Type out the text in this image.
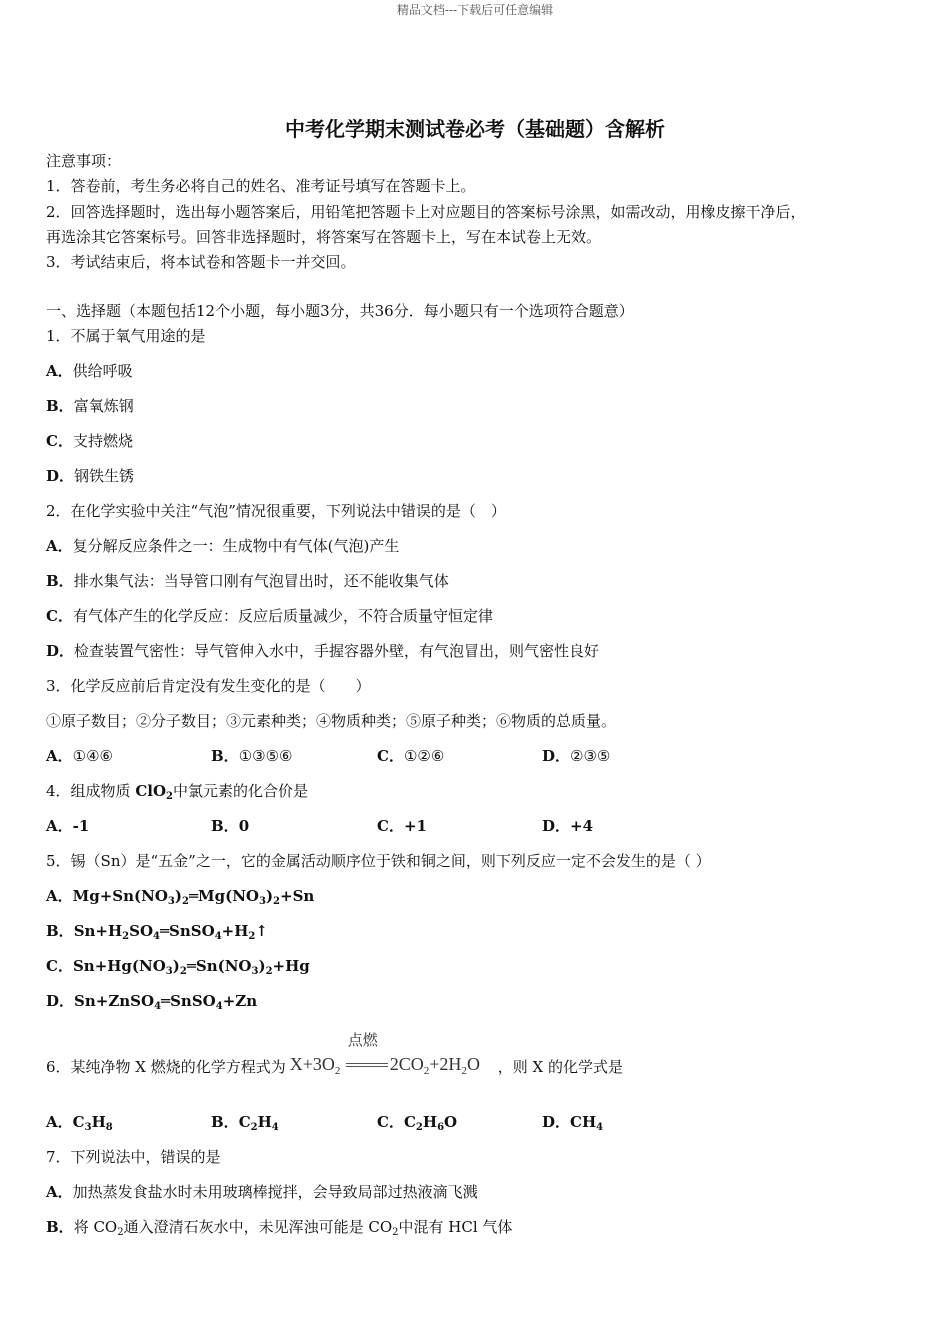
精品文档---下载后可任意编辑
中考化学期末测试卷必考（基础题）含解析
注意事项：
1．答卷前，考生务必将自己的姓名、准考证号填写在答题卡上。
2．回答选择题时，选出每小题答案后，用铅笔把答题卡上对应题目的答案标号涂黑，如需改动，用橡皮擦干净后，
再选涂其它答案标号。回答非选择题时，将答案写在答题卡上，写在本试卷上无效。
3．考试结束后，将本试卷和答题卡一并交回。
一、选择题（本题包括12个小题，每小题3分，共36分．每小题只有一个选项符合题意）
1．不属于氧气用途的是
A．供给呼吸
B．富氧炼钢
C．支持燃烧
D．钢铁生锈
2．在化学实验中关注“气泡”情况很重要，下列说法中错误的是（　）
A．复分解反应条件之一：生成物中有气体(气泡)产生
B．排水集气法：当导管口刚有气泡冒出时，还不能收集气体
C．有气体产生的化学反应：反应后质量减少，不符合质量守恒定律
D．检查装置气密性：导气管伸入水中，手握容器外壁，有气泡冒出，则气密性良好
3．化学反应前后肯定没有发生变化的是（　　）
①原子数目；②分子数目；③元素种类；④物质种类；⑤原子种类；⑥物质的总质量。
A．①④⑥	B．①③⑤⑥	C．①②⑥	D．②③⑤
4．组成物质 ClO$_2$中氯元素的化合价是
A．-1	B．0	C．+1	D．+4
5．锡（Sn）是“五金”之一，它的金属活动顺序位于铁和铜之间，则下列反应一定不会发生的是（ ）
A．$Mg+Sn(NO_3)_2═Mg(NO_3)_2+Sn$
B．$Sn+H_2SO_4═SnSO_4+H_2↑$
C．$Sn+Hg(NO_3)_2═Sn(NO_3)_2+Hg$
D．Sn+ZnSO$_4$═SnSO$_4$+Zn
6．某纯净物 X 燃烧的化学方程式为 $X+3O_2$
点燃
$2CO_2+2H_2O$ ，则 X 的化学式是
A．$C_3H_8$	B．$C_2H_4$	C．$C_2H_6O$	D．$CH_4$
7．下列说法中，错误的是
A．加热蒸发食盐水时未用玻璃棒搅拌，会导致局部过热液滴飞溅
B．将 $CO_2$通入澄清石灰水中，未见浑浊可能是 $CO_2$中混有 HCl 气体
